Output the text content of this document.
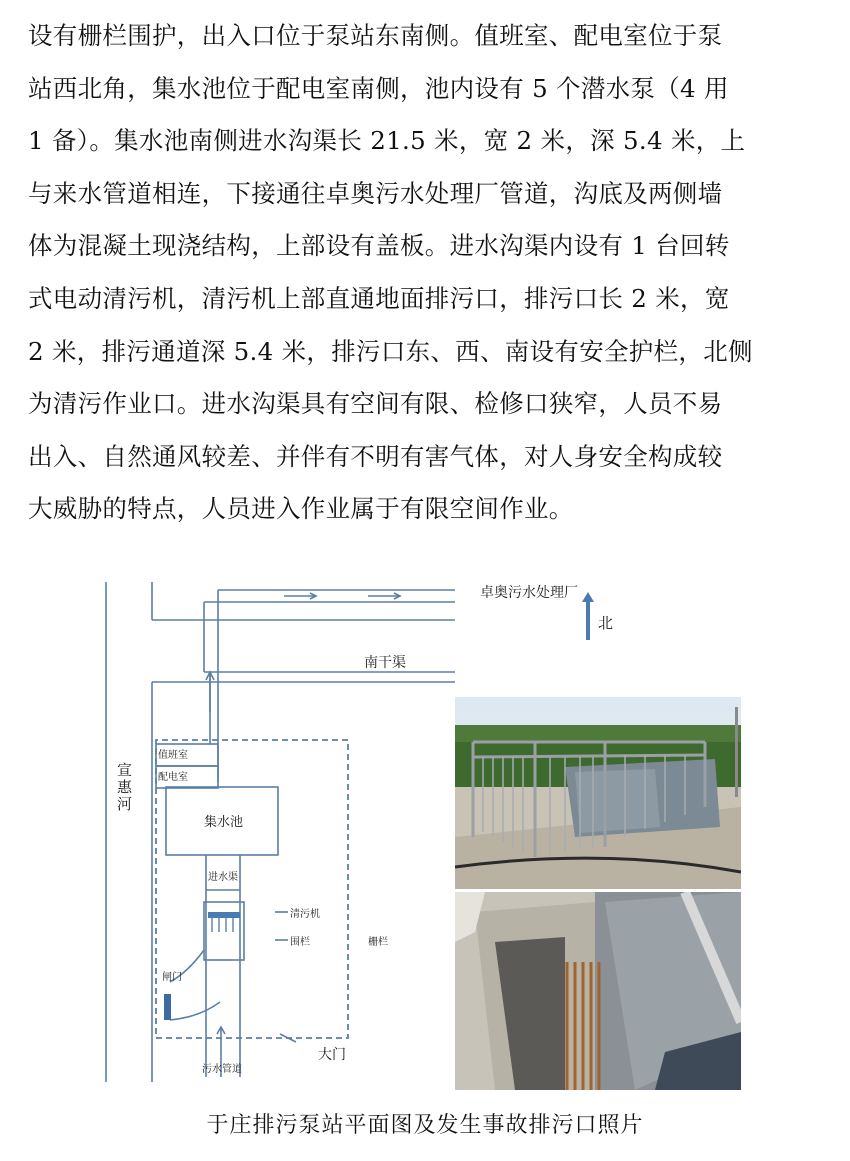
设有栅栏围护，出入口位于泵站东南侧。值班室、配电室位于泵
站西北角，集水池位于配电室南侧，池内设有 5 个潜水泵（4 用
1 备）。集水池南侧进水沟渠长 21.5 米，宽 2 米，深 5.4 米，上
与来水管道相连，下接通往卓奥污水处理厂管道，沟底及两侧墙
体为混凝土现浇结构，上部设有盖板。进水沟渠内设有 1 台回转
式电动清污机，清污机上部直通地面排污口，排污口长 2 米，宽
2 米，排污通道深 5.4 米，排污口东、西、南设有安全护栏，北侧
为清污作业口。进水沟渠具有空间有限、检修口狭窄，人员不易
出入、自然通风较差、并伴有不明有害气体，对人身安全构成较
大威胁的特点，人员进入作业属于有限空间作业。
宣惠河
卓奥污水处理厂
南干渠
值班室
配电室
集水池
进水渠
清污机
围栏	栅栏
闸门
大门
污水管道
北
于庄排污泵站平面图及发生事故排污口照片
